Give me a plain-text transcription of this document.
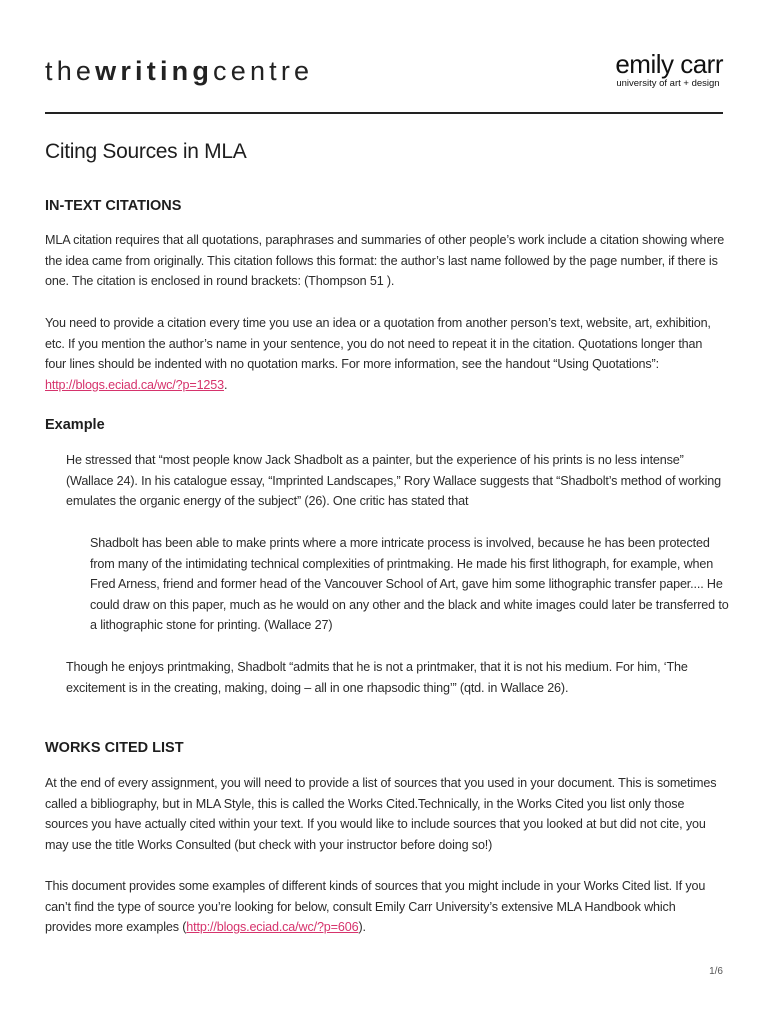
thewritingcentre	emily carr
university of art + design
Citing Sources in MLA
IN-TEXT CITATIONS

MLA citation requires that all quotations, paraphrases and summaries of other people’s work include a citation showing where the idea came from originally. This citation follows this format: the author’s last name followed by the page number, if there is one. The citation is enclosed in round brackets: (Thompson 51 ).

You need to provide a citation every time you use an idea or a quotation from another person’s text, website, art, exhibition, etc. If you mention the author’s name in your sentence, you do not need to repeat it in the citation. Quotations longer than four lines should be indented with no quotation marks. For more information, see the handout “Using Quotations”: http://blogs.eciad.ca/wc/?p=1253.

Example

He stressed that “most people know Jack Shadbolt as a painter, but the experience of his prints is no less intense” (Wallace 24). In his catalogue essay, “Imprinted Landscapes,” Rory Wallace suggests that “Shadbolt’s method of working emulates the organic energy of the subject” (26). One critic has stated that

Shadbolt has been able to make prints where a more intricate process is involved, because he has been protected from many of the intimidating technical complexities of printmaking. He made his first lithograph, for example, when Fred Arness, friend and former head of the Vancouver School of Art, gave him some lithographic transfer paper.... He could draw on this paper, much as he would on any other and the black and white images could later be transferred to a lithographic stone for printing. (Wallace 27)

Though he enjoys printmaking, Shadbolt “admits that he is not a printmaker, that it is not his medium. For him, ‘The excitement is in the creating, making, doing – all in one rhapsodic thing’” (qtd. in Wallace 26).

WORKS CITED LIST

At the end of every assignment, you will need to provide a list of sources that you used in your document. This is sometimes called a bibliography, but in MLA Style, this is called the Works Cited.Technically, in the Works Cited you list only those sources you have actually cited within your text. If you would like to include sources that you looked at but did not cite, you may use the title Works Consulted (but check with your instructor before doing so!)

This document provides some examples of different kinds of sources that you might include in your Works Cited list. If you can’t find the type of source you’re looking for below, consult Emily Carr University’s extensive MLA Handbook which provides more examples (http://blogs.eciad.ca/wc/?p=606).

1/6
